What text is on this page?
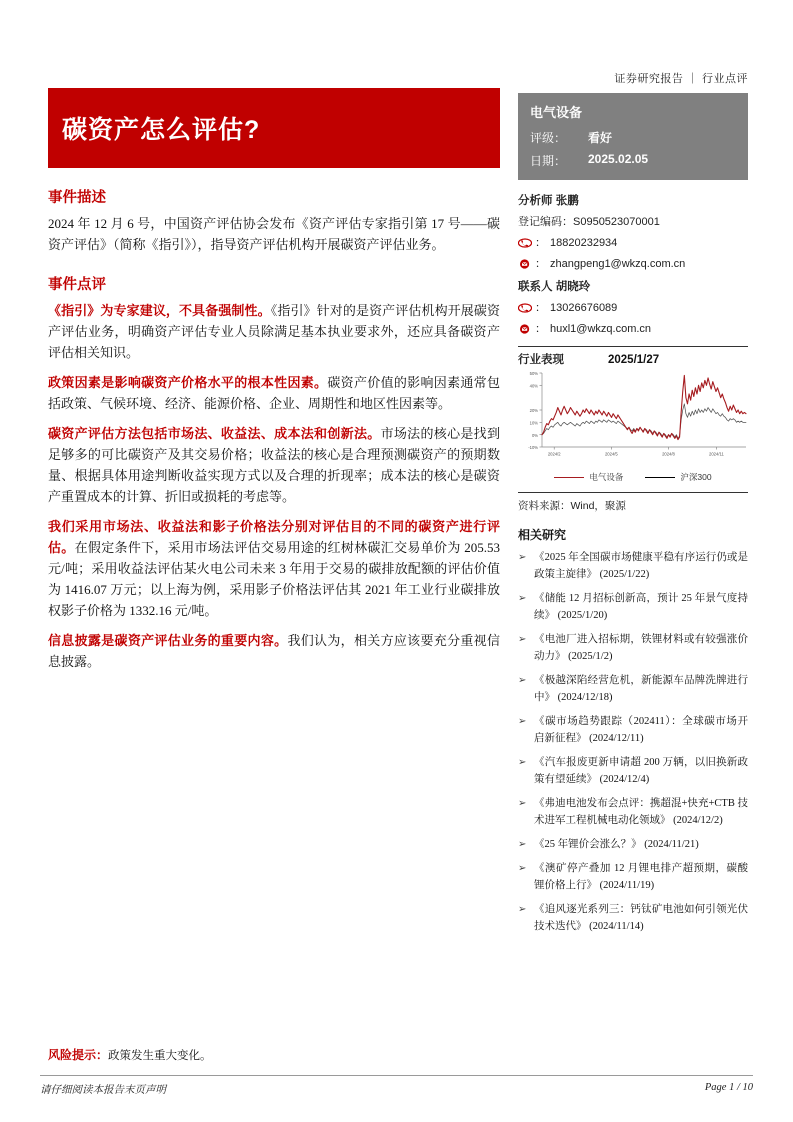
碳资产怎么评估?
事件描述

2024 年 12 月 6 号，中国资产评估协会发布《资产评估专家指引第 17 号——碳资产评估》（简称《指引》），指导资产评估机构开展碳资产评估业务。

事件点评

《指引》为专家建议，不具备强制性。《指引》针对的是资产评估机构开展碳资产评估业务，明确资产评估专业人员除满足基本执业要求外，还应具备碳资产评估相关知识。

政策因素是影响碳资产价格水平的根本性因素。碳资产价值的影响因素通常包括政策、气候环境、经济、能源价格、企业、周期性和地区性因素等。

碳资产评估方法包括市场法、收益法、成本法和创新法。市场法的核心是找到足够多的可比碳资产及其交易价格；收益法的核心是合理预测碳资产的预期数量、根据具体用途判断收益实现方式以及合理的折现率；成本法的核心是碳资产重置成本的计算、折旧或损耗的考虑等。

我们采用市场法、收益法和影子价格法分别对评估目的不同的碳资产进行评估。在假定条件下，采用市场法评估交易用途的红树林碳汇交易单价为 205.53 元/吨；采用收益法评估某火电公司未来 3 年用于交易的碳排放配额的评估价值为 1416.07 万元；以上海为例，采用影子价格法评估其 2021 年工业行业碳排放权影子价格为 1332.16 元/吨。

信息披露是碳资产评估业务的重要内容。我们认为，相关方应该要充分重视信息披露。

证券研究报告 ｜ 行业点评
电气设备
评级：	看好
日期：	2025.02.05
分析师 张鹏
登记编码： S0950523070001
： 18820232934
： zhangpeng1@wkzq.com.cn
联系人 胡晓玲
： 13026676089
： huxl1@wkzq.com.cn
行业表现	2025/1/27
50%
40%
20%
10%
0%
-10%
2024/2	2024/5	2024/8	2024/11
电气设备	沪深300
资料来源：Wind，聚源
相关研究
➢ 《2025 年全国碳市场健康平稳有序运行仍或是政策主旋律》 (2025/1/22)
➢ 《储能 12 月招标创新高，预计 25 年景气度持续》 (2025/1/20)
➢ 《电池厂进入招标期，铁锂材料或有较强涨价动力》 (2025/1/2)
➢ 《极越深陷经营危机，新能源车品牌洗牌进行中》 (2024/12/18)
➢ 《碳市场趋势跟踪（202411）：全球碳市场开启新征程》 (2024/12/11)
➢ 《汽车报废更新申请超 200 万辆，以旧换新政策有望延续》 (2024/12/4)
➢ 《弗迪电池发布会点评：携超混+快充+CTB 技术进军工程机械电动化领域》 (2024/12/2)
➢ 《25 年锂价会涨么？》 (2024/11/21)
➢ 《澳矿停产叠加 12 月锂电排产超预期，碳酸锂价格上行》 (2024/11/19)
➢ 《追风逐光系列三：钙钛矿电池如何引领光伏技术迭代》 (2024/11/14)
风险提示：政策发生重大变化。
请仔细阅读本报告末页声明	Page 1 / 10
